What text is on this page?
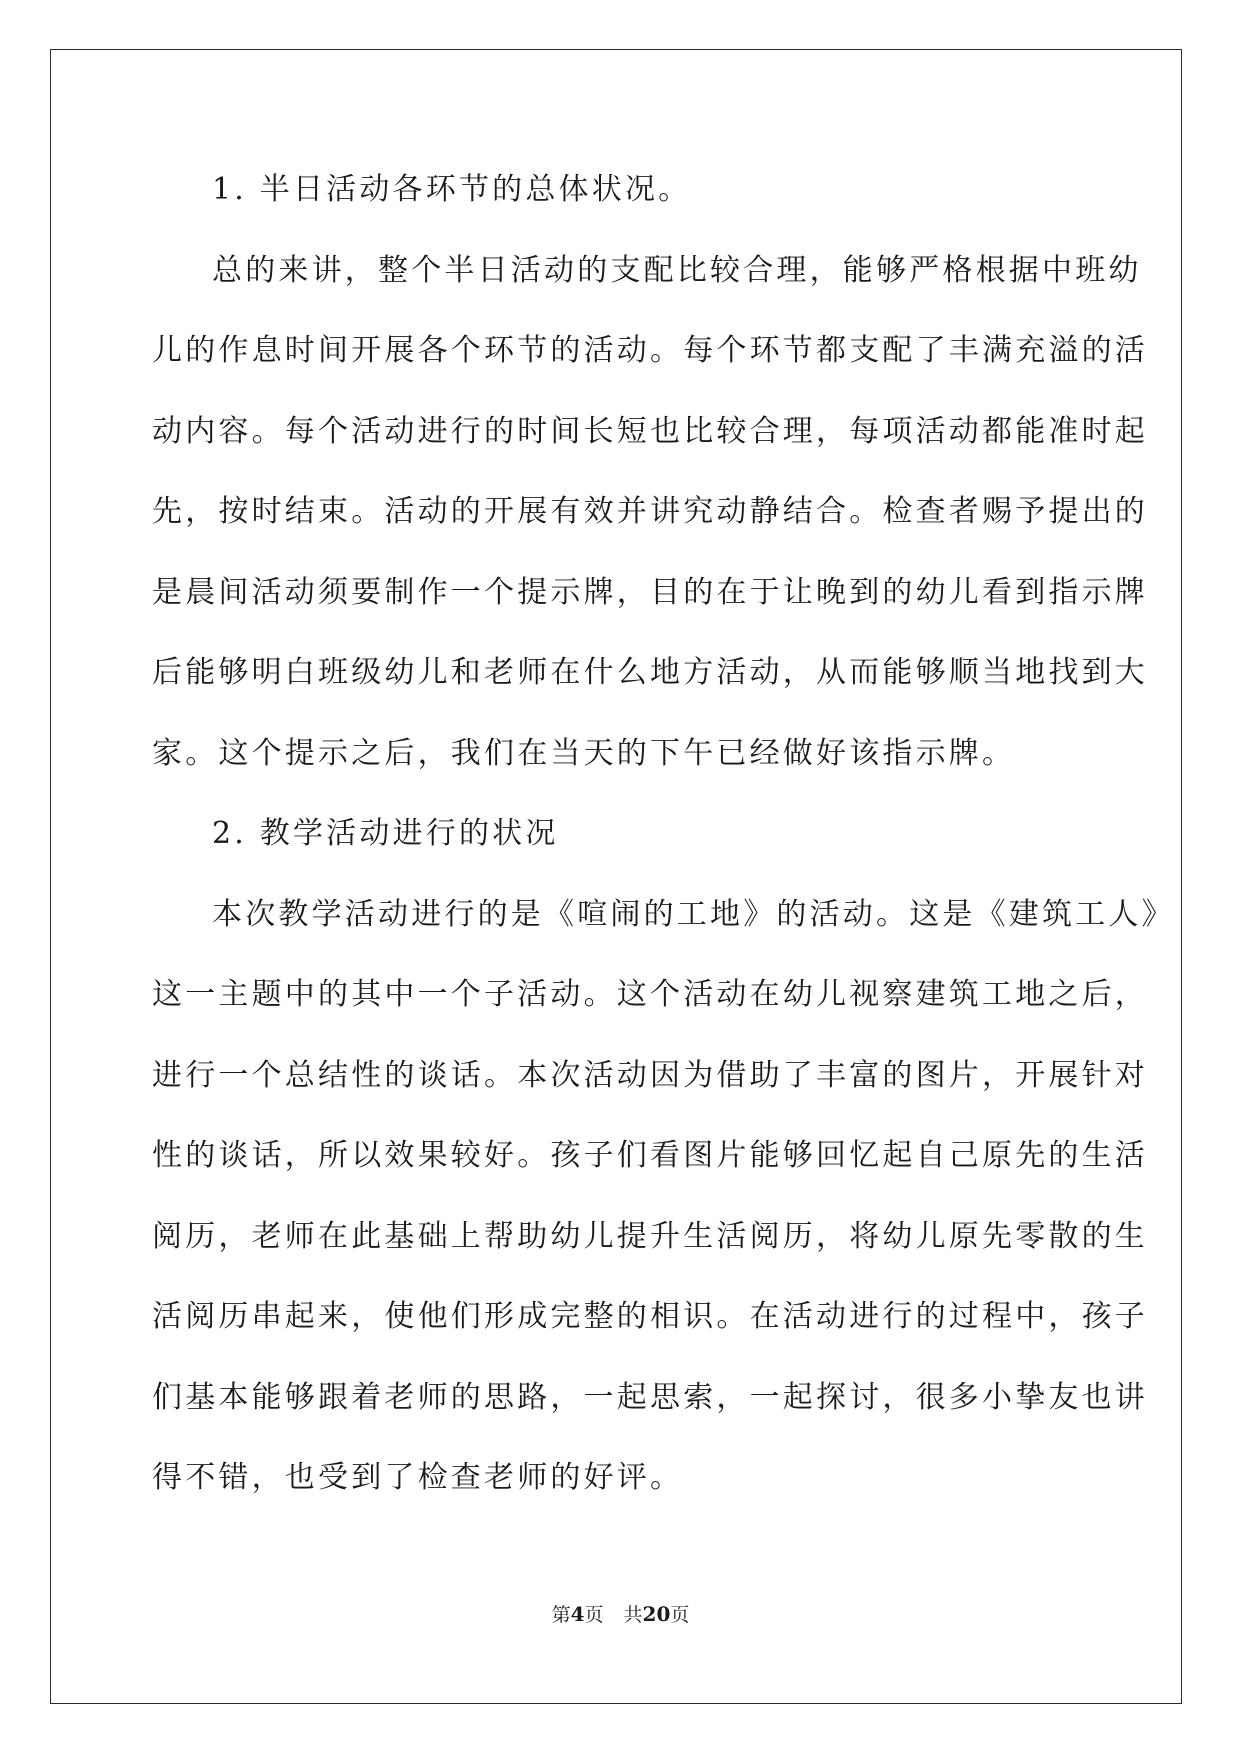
1. 半日活动各环节的总体状况。
总的来讲，整个半日活动的支配比较合理，能够严格根据中班幼
儿的作息时间开展各个环节的活动。每个环节都支配了丰满充溢的活
动内容。每个活动进行的时间长短也比较合理，每项活动都能准时起
先，按时结束。活动的开展有效并讲究动静结合。检查者赐予提出的
是晨间活动须要制作一个提示牌，目的在于让晚到的幼儿看到指示牌
后能够明白班级幼儿和老师在什么地方活动，从而能够顺当地找到大
家。这个提示之后，我们在当天的下午已经做好该指示牌。
2. 教学活动进行的状况
本次教学活动进行的是《喧闹的工地》的活动。这是《建筑工人》
这一主题中的其中一个子活动。这个活动在幼儿视察建筑工地之后，
进行一个总结性的谈话。本次活动因为借助了丰富的图片，开展针对
性的谈话，所以效果较好。孩子们看图片能够回忆起自己原先的生活
阅历，老师在此基础上帮助幼儿提升生活阅历，将幼儿原先零散的生
活阅历串起来，使他们形成完整的相识。在活动进行的过程中，孩子
们基本能够跟着老师的思路，一起思索，一起探讨，很多小挚友也讲
得不错，也受到了检查老师的好评。
第4页 共20页
